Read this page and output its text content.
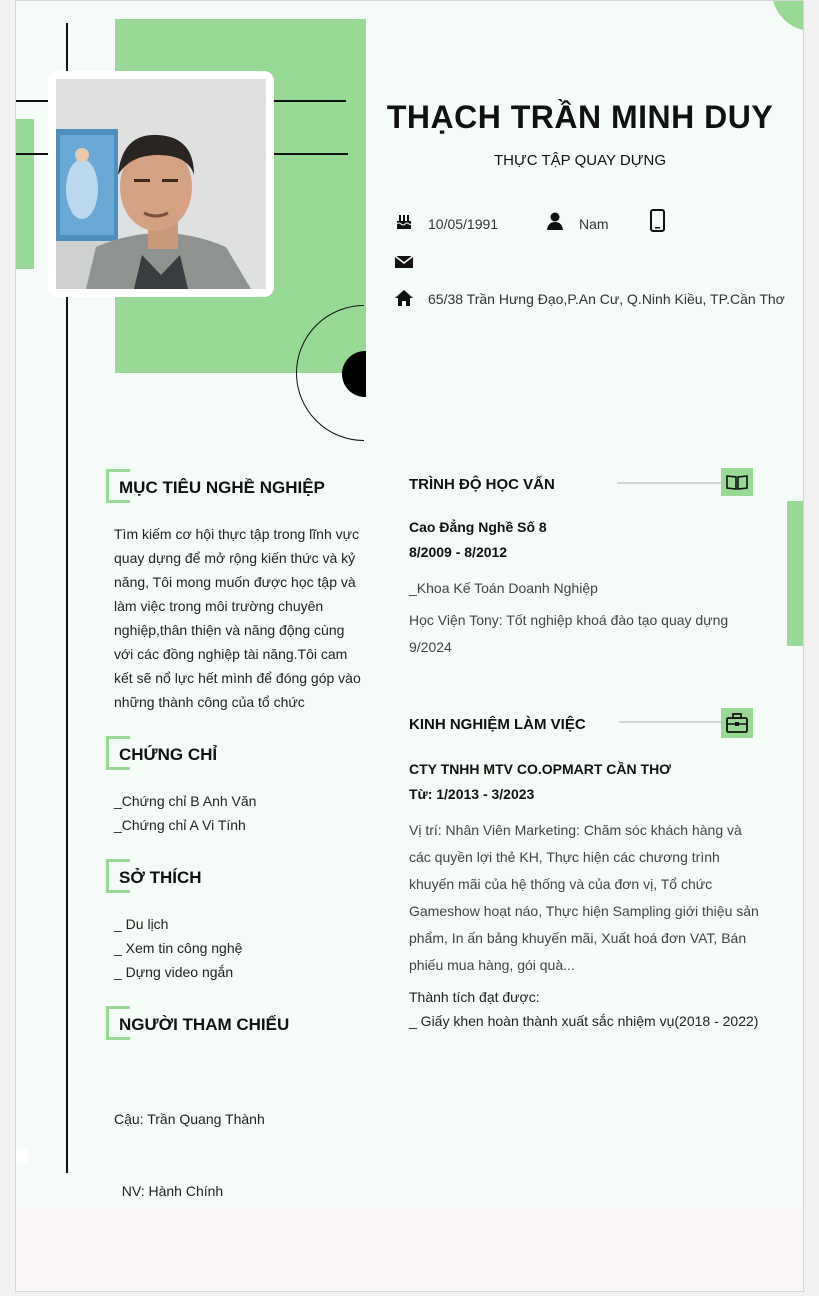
THẠCH TRẦN MINH DUY
THỰC TẬP QUAY DỰNG
10/05/1991	Nam
65/38 Trần Hưng Đạo,P.An Cư, Q.Ninh Kiều, TP.Cần Thơ
MỤC TIÊU NGHỀ NGHIỆP
Tìm kiếm cơ hội thực tập trong lĩnh vực
quay dựng để mở rộng kiến thức và kỷ
năng, Tôi mong muốn được học tập và
làm việc trong môi trường chuyên
nghiệp,thân thiện và năng động cùng
với các đồng nghiệp tài năng.Tôi cam
kết sẽ nổ lực hết mình để đóng góp vào
những thành công của tổ chức
CHỨNG CHỈ
_Chứng chỉ B Anh Văn
_Chứng chỉ A Vi Tính
SỞ THÍCH
_ Du lịch
_ Xem tin công nghệ
_ Dựng video ngắn
NGƯỜI THAM CHIẾU

Cậu: Trần Quang Thành

NV: Hành Chính

TRÌNH ĐỘ HỌC VẤN
Cao Đẳng Nghề Số 8
8/2009 - 8/2012
_Khoa Kế Toán Doanh Nghiệp
Học Viện Tony: Tốt nghiệp khoá đào tạo quay dựng
9/2024
KINH NGHIỆM LÀM VIỆC
CTY TNHH MTV CO.OPMART CẦN THƠ
Từ: 1/2013 - 3/2023
Vị trí: Nhân Viên Marketing: Chăm sóc khách hàng và
các quyền lợi thẻ KH, Thực hiện các chương trình
khuyến mãi của hệ thống và của đơn vị, Tổ chức
Gameshow hoạt náo, Thực hiện Sampling giới thiệu sản
phẩm, In ấn bảng khuyến mãi, Xuất hoá đơn VAT, Bán
phiếu mua hàng, gói quà...
Thành tích đạt được:
_ Giấy khen hoàn thành xuất sắc nhiệm vụ(2018 - 2022)
